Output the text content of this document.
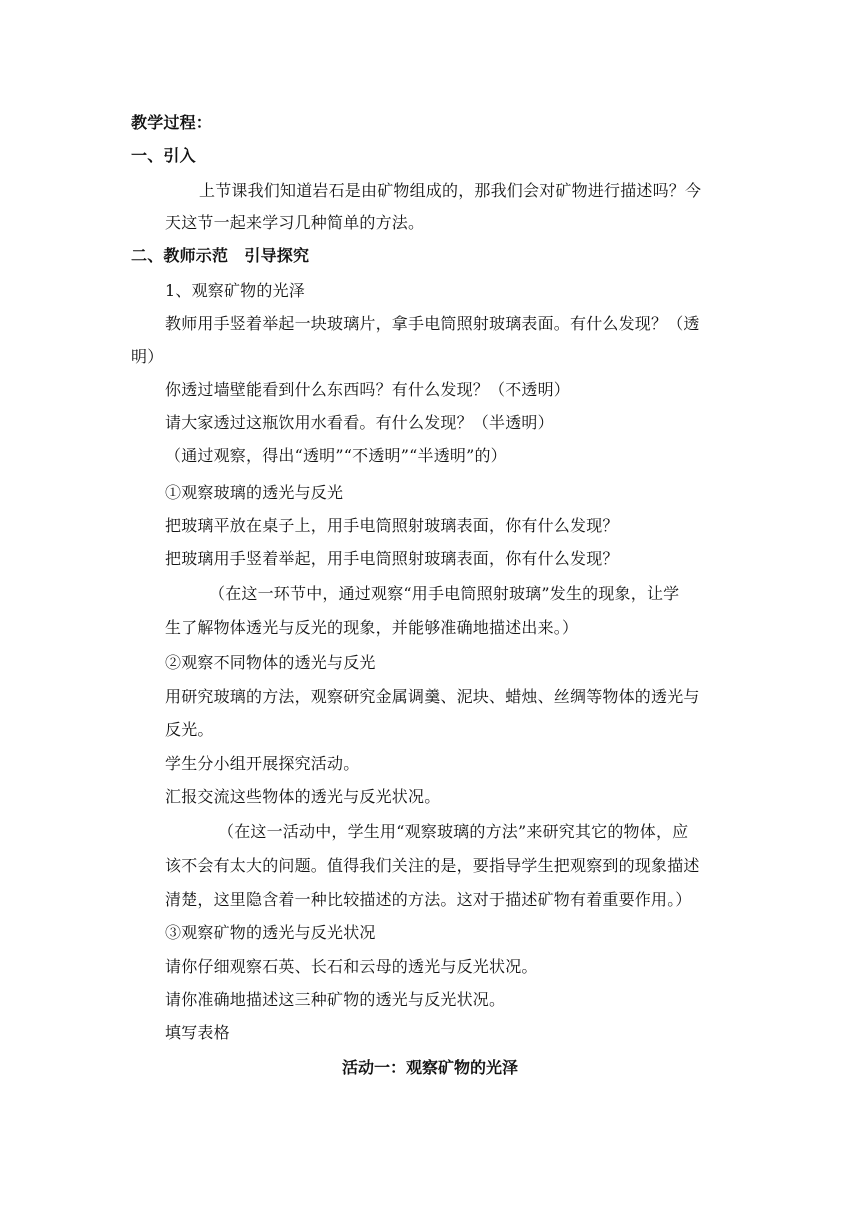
教学过程：
一、引入
上节课我们知道岩石是由矿物组成的，那我们会对矿物进行描述吗？今
天这节一起来学习几种简单的方法。
二、教师示范　引导探究
1、观察矿物的光泽
教师用手竖着举起一块玻璃片，拿手电筒照射玻璃表面。有什么发现？（透
明）
你透过墙壁能看到什么东西吗？有什么发现？（不透明）
请大家透过这瓶饮用水看看。有什么发现？（半透明）
（通过观察，得出“透明”“不透明”“半透明”的）
①观察玻璃的透光与反光
把玻璃平放在桌子上，用手电筒照射玻璃表面，你有什么发现？
把玻璃用手竖着举起，用手电筒照射玻璃表面，你有什么发现？
（在这一环节中，通过观察“用手电筒照射玻璃”发生的现象，让学
生了解物体透光与反光的现象，并能够准确地描述出来。）
②观察不同物体的透光与反光
用研究玻璃的方法，观察研究金属调羹、泥块、蜡烛、丝绸等物体的透光与
反光。
学生分小组开展探究活动。
汇报交流这些物体的透光与反光状况。
（在这一活动中，学生用“观察玻璃的方法”来研究其它的物体，应
该不会有太大的问题。值得我们关注的是，要指导学生把观察到的现象描述
清楚，这里隐含着一种比较描述的方法。这对于描述矿物有着重要作用。）
③观察矿物的透光与反光状况
请你仔细观察石英、长石和云母的透光与反光状况。
请你准确地描述这三种矿物的透光与反光状况。
填写表格
活动一：观察矿物的光泽
